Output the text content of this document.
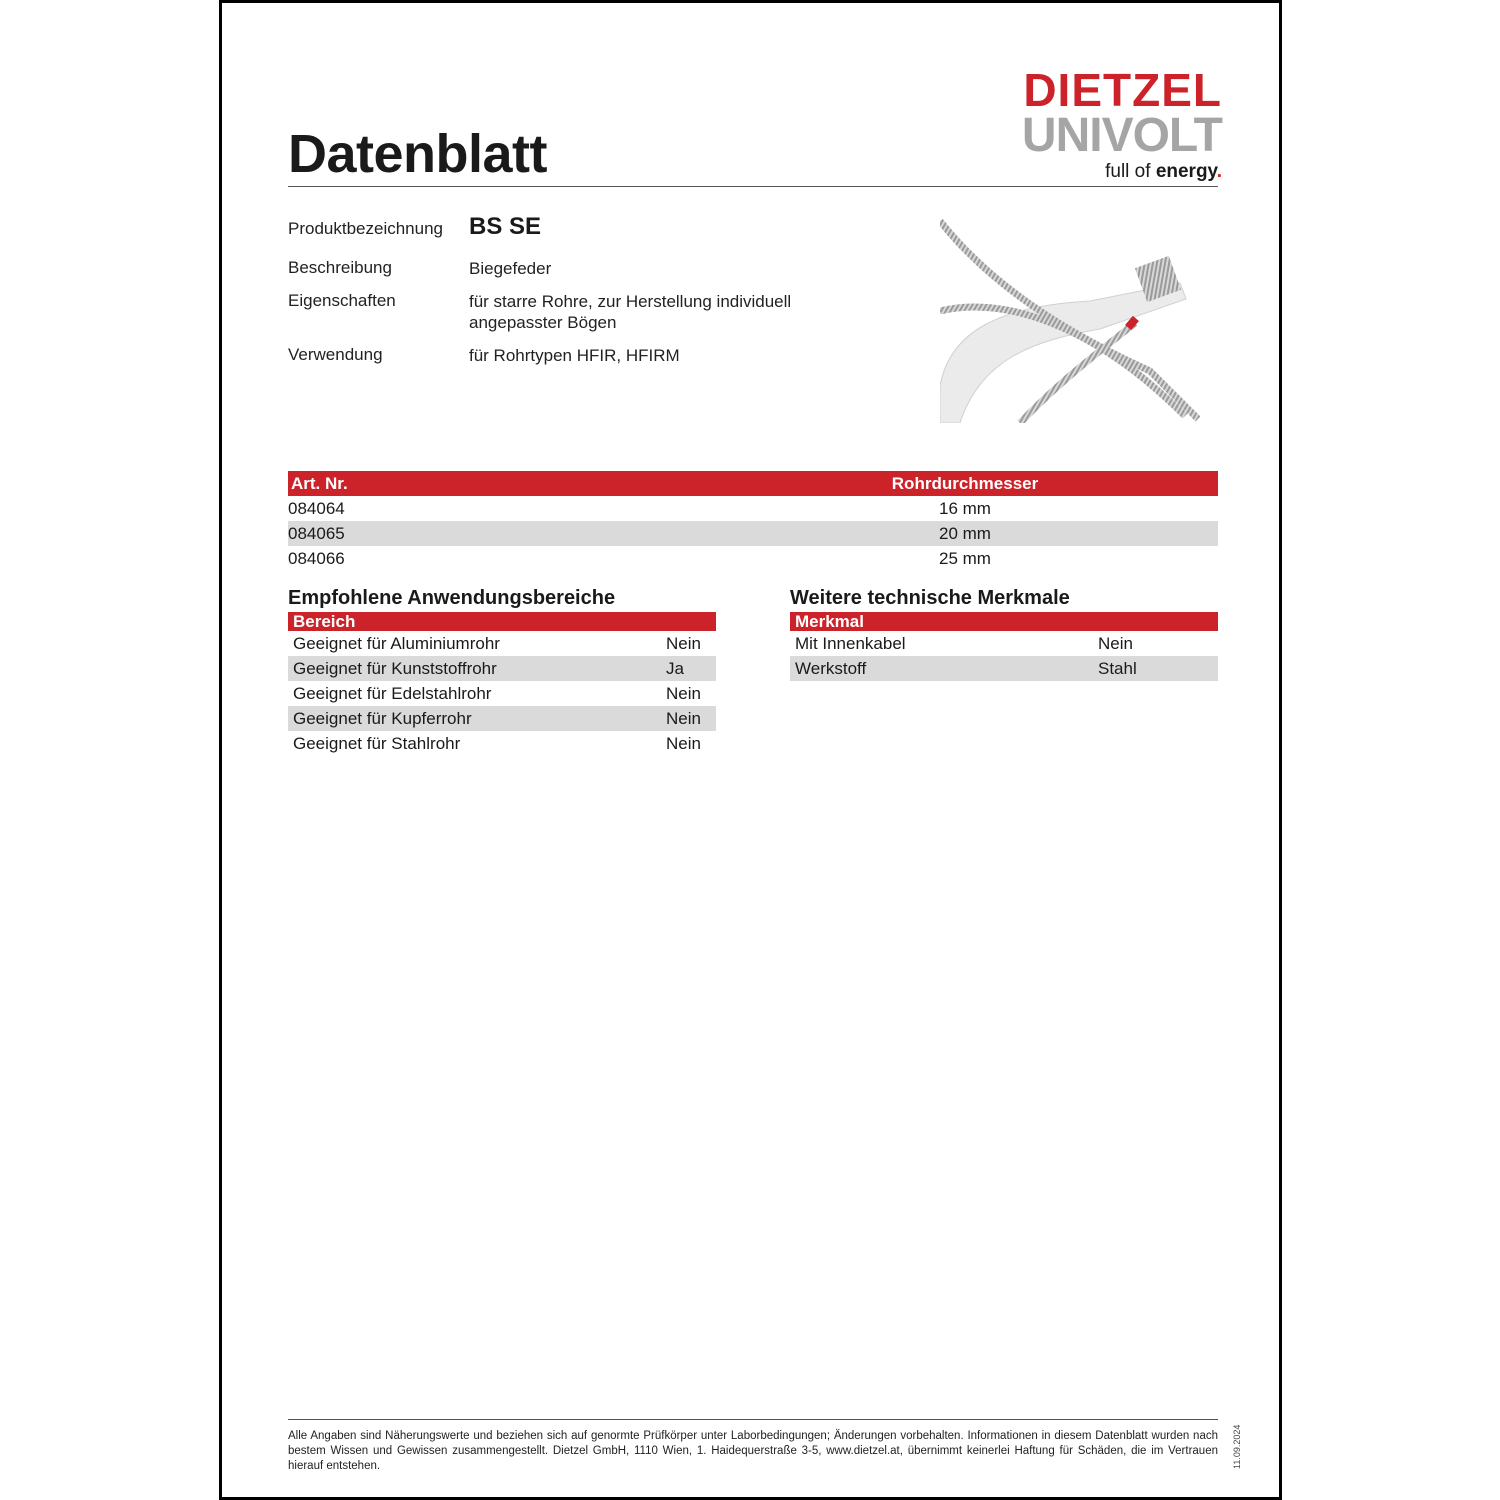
Datenblatt
DIETZEL
UNIVOLT
full of energy.
Produktbezeichnung BS SE
Beschreibung	Biegefeder
Eigenschaften	für starre Rohre, zur Herstellung individuell angepasster Bögen
Verwendung	für Rohrtypen HFIR, HFIRM
Art. Nr.	Rohrdurchmesser
084064	16 mm
084065	20 mm
084066	25 mm
Empfohlene Anwendungsbereiche
Bereich	
Geeignet für Aluminiumrohr	Nein
Geeignet für Kunststoffrohr	Ja
Geeignet für Edelstahlrohr	Nein
Geeignet für Kupferrohr	Nein
Geeignet für Stahlrohr	Nein
Weitere technische Merkmale
Merkmal	
Mit Innenkabel	Nein
Werkstoff	Stahl
Alle Angaben sind Näherungswerte und beziehen sich auf genormte Prüfkörper unter Laborbedingungen; Änderungen vorbehalten. Informationen in diesem Datenblatt wurden nach bestem Wissen und Gewissen zusammengestellt. Dietzel GmbH, 1110 Wien, 1. Haidequerstraße 3-5, www.dietzel.at, übernimmt keinerlei Haftung für Schäden, die im Vertrauen hierauf entstehen.	11.09.2024
